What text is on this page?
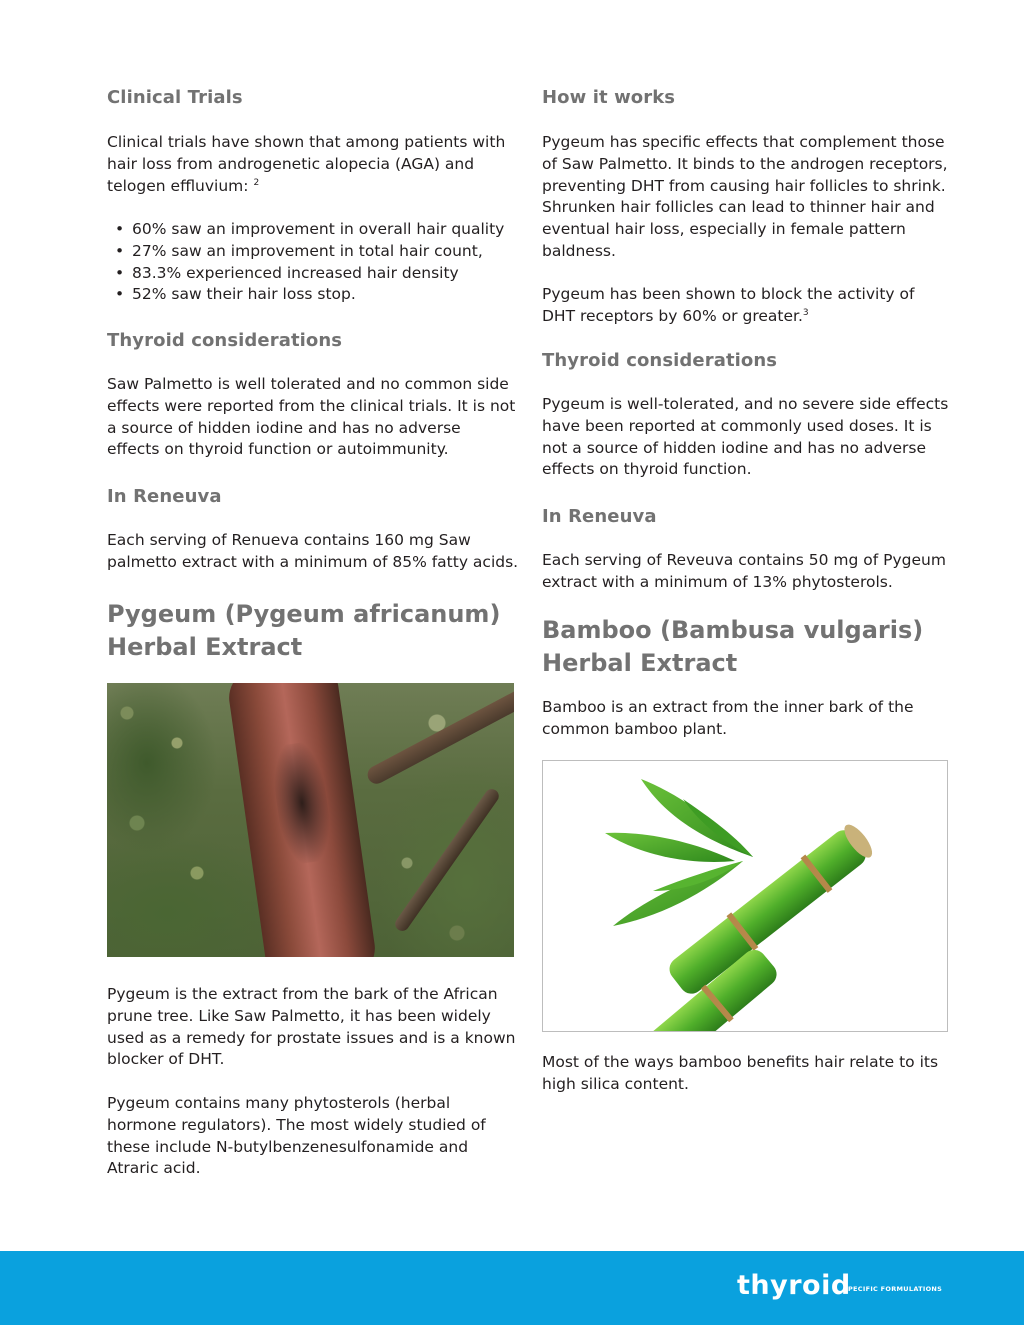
Clinical Trials

Clinical trials have shown that among patients with hair loss from androgenetic alopecia (AGA) and telogen effluvium: $^2$

• 60% saw an improvement in overall hair quality
• 27% saw an improvement in total hair count,
• 83.3% experienced increased hair density
• 52% saw their hair loss stop.
Thyroid considerations

Saw Palmetto is well tolerated and no common side effects were reported from the clinical trials. It is not a source of hidden iodine and has no adverse effects on thyroid function or autoimmunity.

In Reneuva

Each serving of Renueva contains 160 mg Saw palmetto extract with a minimum of 85% fatty acids.

Pygeum (Pygeum africanum) Herbal Extract

Pygeum is the extract from the bark of the African prune tree. Like Saw Palmetto, it has been widely used as a remedy for prostate issues and is a known blocker of DHT.

Pygeum contains many phytosterols (herbal hormone regulators). The most widely studied of these include N-butylbenzenesulfonamide and Atraric acid.

How it works

Pygeum has specific effects that complement those of Saw Palmetto. It binds to the androgen receptors, preventing DHT from causing hair follicles to shrink. Shrunken hair follicles can lead to thinner hair and eventual hair loss, especially in female pattern baldness.

Pygeum has been shown to block the activity of DHT receptors by 60% or greater.$^3$

Thyroid considerations

Pygeum is well-tolerated, and no severe side effects have been reported at commonly used doses. It is not a source of hidden iodine and has no adverse effects on thyroid function.

In Reneuva

Each serving of Reveuva contains 50 mg of Pygeum extract with a minimum of 13% phytosterols.

Bamboo (Bambusa vulgaris) Herbal Extract

Bamboo is an extract from the inner bark of the common bamboo plant.

Most of the ways bamboo benefits hair relate to its high silica content.

thyroid
SPECIFIC FORMULATIONS
